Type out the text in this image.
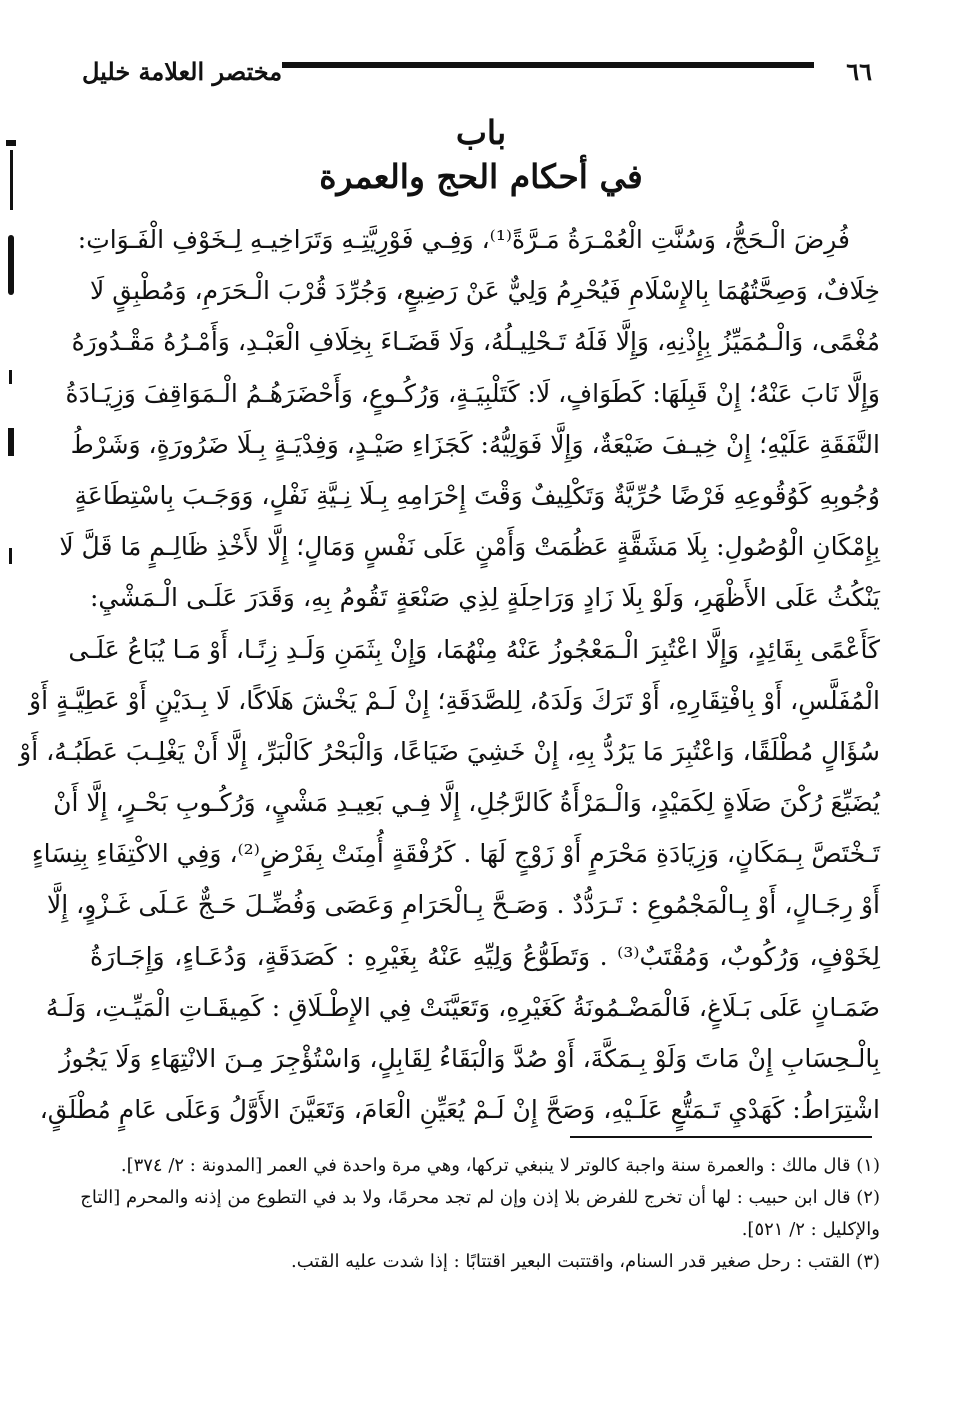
٦٦
مختصر العلامة خليل
باب
في أحكام الحج والعمرة
فُرِضَ الْـحَجُّ، وَسُنَّتِ الْعُمْـرَةُ مَـرَّةً⁽¹⁾، وَفِـي فَوْرِيَّتِـهِ وَتَرَاخِيـهِ لِـخَوْفِ الْفَـوَاتِ:
خِلَافٌ، وَصِحَّتُهُمَا بِالإِسْلَامِ فَيُحْرِمُ وَلِيٌّ عَنْ رَضِيعٍ، وَجُرِّدَ قُرْبَ الْـحَرَمِ، وَمُطْبِقٍ لَا
مُغْمًى، وَالْـمُمَيِّزُ بِإِذْنِهِ، وَإِلَّا فَلَهُ تَـحْلِيـلُهُ، وَلَا قَضَـاءَ بِخِلَافِ الْعَبْـدِ، وَأَمْـرُهُ مَقْـدُورَهُ
وَإِلَّا نَابَ عَنْهُ؛ إِنْ قَبِلَهَا: كَطَوَافٍ، لَا: كَتَلْبِيَـةٍ، وَرُكُـوعٍ، وَأَحْضَرَهُـمُ الْـمَوَاقِفَ وَزِيَـادَةُ
النَّفَقَةِ عَلَيْهِ؛ إِنْ خِيـفَ ضَيْعَةٌ، وَإِلَّا فَوَلِيُّهُ: كَجَزَاءِ صَيْـدٍ، وَفِدْيَـةٍ بِـلَا ضَرُورَةٍ، وَشَرْطُ
وُجُوبِهِ كَوُقُوعِهِ فَرْضًا حُرِّيَّةٌ وَتَكْلِيفٌ وَقْتَ إِحْرَامِهِ بِـلَا نِـيَّةِ نَفْلٍ، وَوَجَـبَ بِاسْتِطَاعَةٍ
بِإِمْكَانِ الْوُصُولِ: بِلَا مَشَقَّةٍ عَظُمَتْ وَأَمْنٍ عَلَى نَفْسٍ وَمَالٍ؛ إِلَّا لأَخْذِ ظَالِـمٍ مَا قَلَّ لَا
يَنْكُثُ عَلَى الأَظْهَرِ، وَلَوْ بِلَا زَادٍ وَرَاحِلَةٍ لِذِي صَنْعَةٍ تَقُومُ بِهِ، وَقَدَرَ عَلَـى الْـمَشْيِ:
كَأَعْمًى بِقَائِدٍ، وَإِلَّا اعْتُبِرَ الْـمَعْجُوزُ عَنْهُ مِنْهُمَا، وَإِنْ بِثَمَنِ وَلَـدِ زِنًـا، أَوْ مَـا يُبَاعُ عَلَـى
الْمُفَلَّسِ، أَوْ بِافْتِقَارِهِ، أَوْ تَرَكَ وَلَدَهُ، لِلصَّدَقَةِ؛ إِنْ لَـمْ يَخْشَ هَلَاكًا، لَا بِـدَيْنٍ أَوْ عَطِيَّـةٍ أَوْ
سُؤَالٍ مُطْلَقًا، وَاعْتُبِرَ مَا يَرُدُّ بِهِ، إِنْ خَشِيَ ضَيَاعًا، وَالْبَحْرُ كَالْبَرِّ، إِلَّا أَنْ يَغْلِـبَ عَطَبُـهُ، أَوْ
يُضَيِّعَ رُكْنَ صَلَاةٍ لِكَمَيْدٍ، وَالْـمَرْأَةُ كَالرَّجُلِ، إِلَّا فِـي بَعِيـدِ مَشْيٍ، وَرُكُـوبِ بَحْـرٍ، إِلَّا أَنْ
تَـخْتَصَّ بِـمَكَانٍ، وَزِيَادَةِ مَحْرَمٍ أَوْ زَوْجٍ لَهَا . كَرُفْقَةٍ أُمِنَتْ بِفَرْضٍ⁽²⁾، وَفِي الاكْتِفَاءِ بِنِسَاءٍ
أَوْ رِجَـالٍ، أَوْ بِـالْمَجْمُوعِ : تَـرَدُّدٌ . وَصَـحَّ بِـالْحَرَامِ وَعَصَى وَفُضِّـلَ حَـجٌّ عَـلَى غَـزْوٍ، إِلَّا
لِخَوْفٍ، وَرُكُوبٌ، وَمُقْتَبٌ⁽³⁾ . وَتَطَوُّعُ وَلِيِّهِ عَنْهُ بِغَيْرِهِ : كَصَدَقَةٍ، وَدُعَـاءٍ، وَإِجَـارَةُ
ضَمَـانٍ عَلَى بَـلَاغٍ، فَالْمَضْـمُونَةُ كَغَيْرِهِ، وَتَعَيَّنَتْ فِي الإِطْـلَاقِ : كَمِيقَـاتِ الْمَيِّـتِ، وَلَـهُ
بِالْـحِسَابِ إِنْ مَاتَ وَلَوْ بِـمَكَّةَ، أَوْ صُدَّ وَالْبَقَاءُ لِقَابِلٍ، وَاسْتُؤْجِرَ مِـنَ الانْتِهَاءِ وَلَا يَجُوزُ
اشْتِرَاطُ: كَهَدْيِ تَـمَتُّعٍ عَلَـيْهِ، وَصَحَّ إِنْ لَـمْ يُعَيِّنِ الْعَامَ، وَتَعَيَّنَ الأَوَّلُ وَعَلَى عَامٍ مُطْلَقٍ،
(١) قال مالك : والعمرة سنة واجبة كالوتر لا ينبغي تركها، وهي مرة واحدة في العمر [المدونة : ٢/ ٣٧٤].
(٢) قال ابن حبيب : لها أن تخرج للفرض بلا إذن وإن لم تجد محرمًا، ولا بد في التطوع من إذنه والمحرم [التاج
والإكليل : ٢/ ٥٢١].
(٣) القتب : رحل صغير قدر السنام، واقتتبت البعير اقتتابًا : إذا شدت عليه القتب.
